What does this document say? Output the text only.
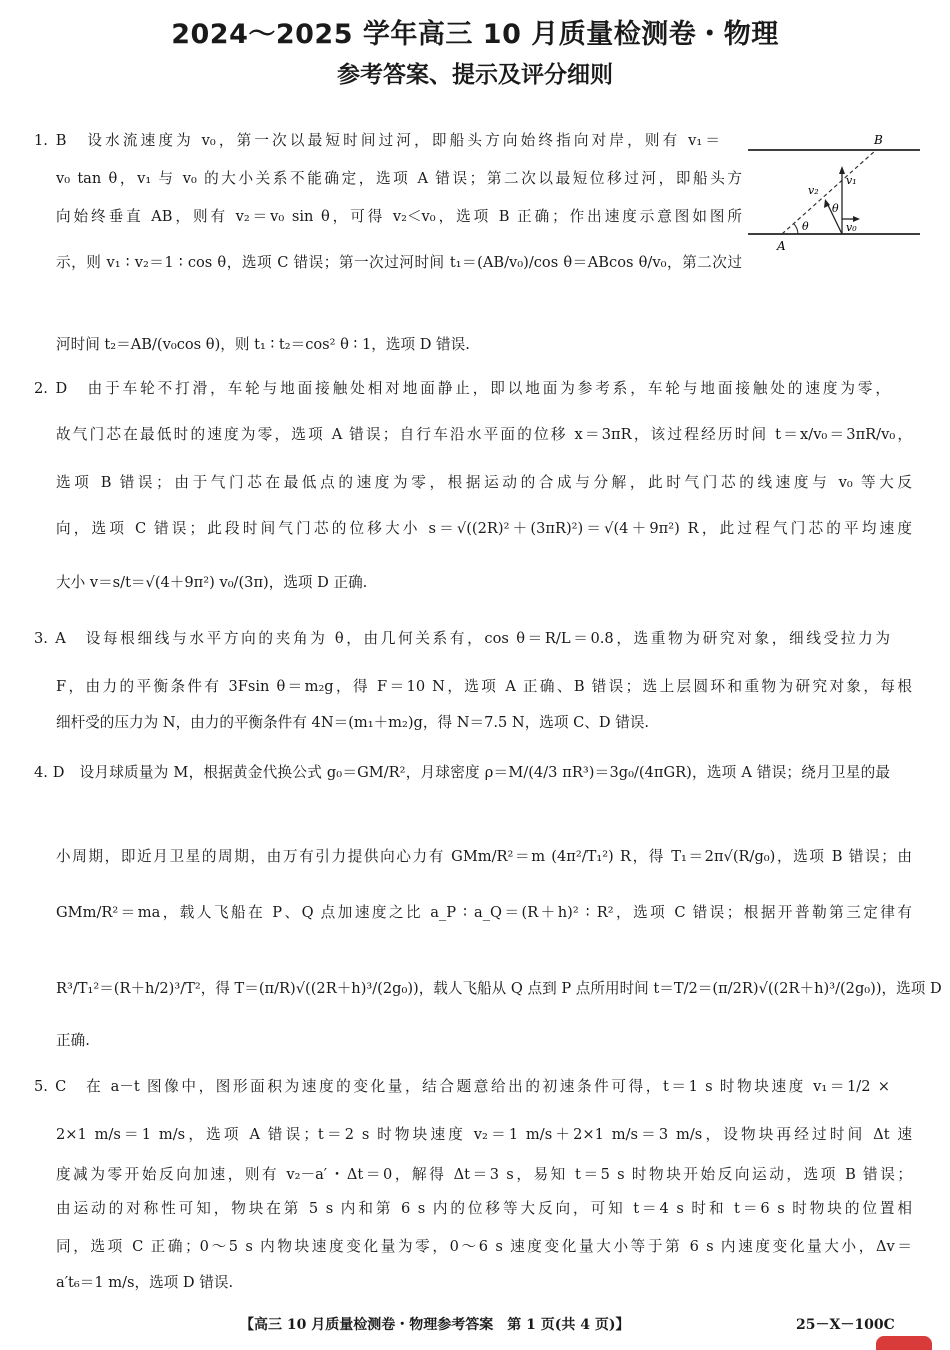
2024～2025 学年高三 10 月质量检测卷・物理
参考答案、提示及评分细则
1. B　设水流速度为 v₀，第一次以最短时间过河，即船头方向始终指向对岸，则有 v₁＝
v₀ tan θ，v₁ 与 v₀ 的大小关系不能确定，选项 A 错误；第二次以最短位移过河，即船头方
向始终垂直 AB，则有 v₂＝v₀ sin θ，可得 v₂＜v₀，选项 B 正确；作出速度示意图如图所
示，则 v₁ ∶ v₂＝1 ∶ cos θ，选项 C 错误；第一次过河时间 t₁＝(AB/v₀)/cos θ＝ABcos θ/v₀，第二次过
河时间 t₂＝AB/(v₀cos θ)，则 t₁ ∶ t₂＝cos² θ ∶ 1，选项 D 错误.
A
B
v₁
v₂
v₀
θ
θ
2. D　由于车轮不打滑，车轮与地面接触处相对地面静止，即以地面为参考系，车轮与地面接触处的速度为零，
故气门芯在最低时的速度为零，选项 A 错误；自行车沿水平面的位移 x＝3πR，该过程经历时间 t＝x/v₀＝3πR/v₀，
选项 B 错误；由于气门芯在最低点的速度为零，根据运动的合成与分解，此时气门芯的线速度与 v₀ 等大反
向，选项 C 错误；此段时间气门芯的位移大小 s＝√((2R)²＋(3πR)²)＝√(4＋9π²) R，此过程气门芯的平均速度
大小 v＝s/t＝√(4＋9π²) v₀/(3π)，选项 D 正确.
3. A　设每根细线与水平方向的夹角为 θ，由几何关系有，cos θ＝R/L＝0.8，选重物为研究对象，细线受拉力为
F，由力的平衡条件有 3Fsin θ＝m₂g，得 F＝10 N，选项 A 正确、B 错误；选上层圆环和重物为研究对象，每根
细杆受的压力为 N，由力的平衡条件有 4N＝(m₁＋m₂)g，得 N＝7.5 N，选项 C、D 错误.
4. D　设月球质量为 M，根据黄金代换公式 g₀＝GM/R²，月球密度 ρ＝M/(4/3 πR³)＝3g₀/(4πGR)，选项 A 错误；绕月卫星的最
小周期，即近月卫星的周期，由万有引力提供向心力有 GMm/R²＝m (4π²/T₁²) R，得 T₁＝2π√(R/g₀)，选项 B 错误；由
GMm/R²＝ma，载人飞船在 P、Q 点加速度之比 a_P ∶ a_Q＝(R＋h)² ∶ R²，选项 C 错误；根据开普勒第三定律有
R³/T₁²＝(R＋h/2)³/T²，得 T＝(π/R)√((2R＋h)³/(2g₀))，载人飞船从 Q 点到 P 点所用时间 t＝T/2＝(π/2R)√((2R＋h)³/(2g₀))，选项 D
正确.
5. C　在 a－t 图像中，图形面积为速度的变化量，结合题意给出的初速条件可得，t＝1 s 时物块速度 v₁＝1/2 ×
2×1 m/s＝1 m/s，选项 A 错误；t＝2 s 时物块速度 v₂＝1 m/s＋2×1 m/s＝3 m/s，设物块再经过时间 Δt 速
度减为零开始反向加速，则有 v₂－a′・Δt＝0，解得 Δt＝3 s，易知 t＝5 s 时物块开始反向运动，选项 B 错误；
由运动的对称性可知，物块在第 5 s 内和第 6 s 内的位移等大反向，可知 t＝4 s 时和 t＝6 s 时物块的位置相
同，选项 C 正确；0～5 s 内物块速度变化量为零，0～6 s 速度变化量大小等于第 6 s 内速度变化量大小，Δv＝
a′t₆＝1 m/s，选项 D 错误.
【高三 10 月质量检测卷・物理参考答案　第 1 页(共 4 页)】	25－X－100C
